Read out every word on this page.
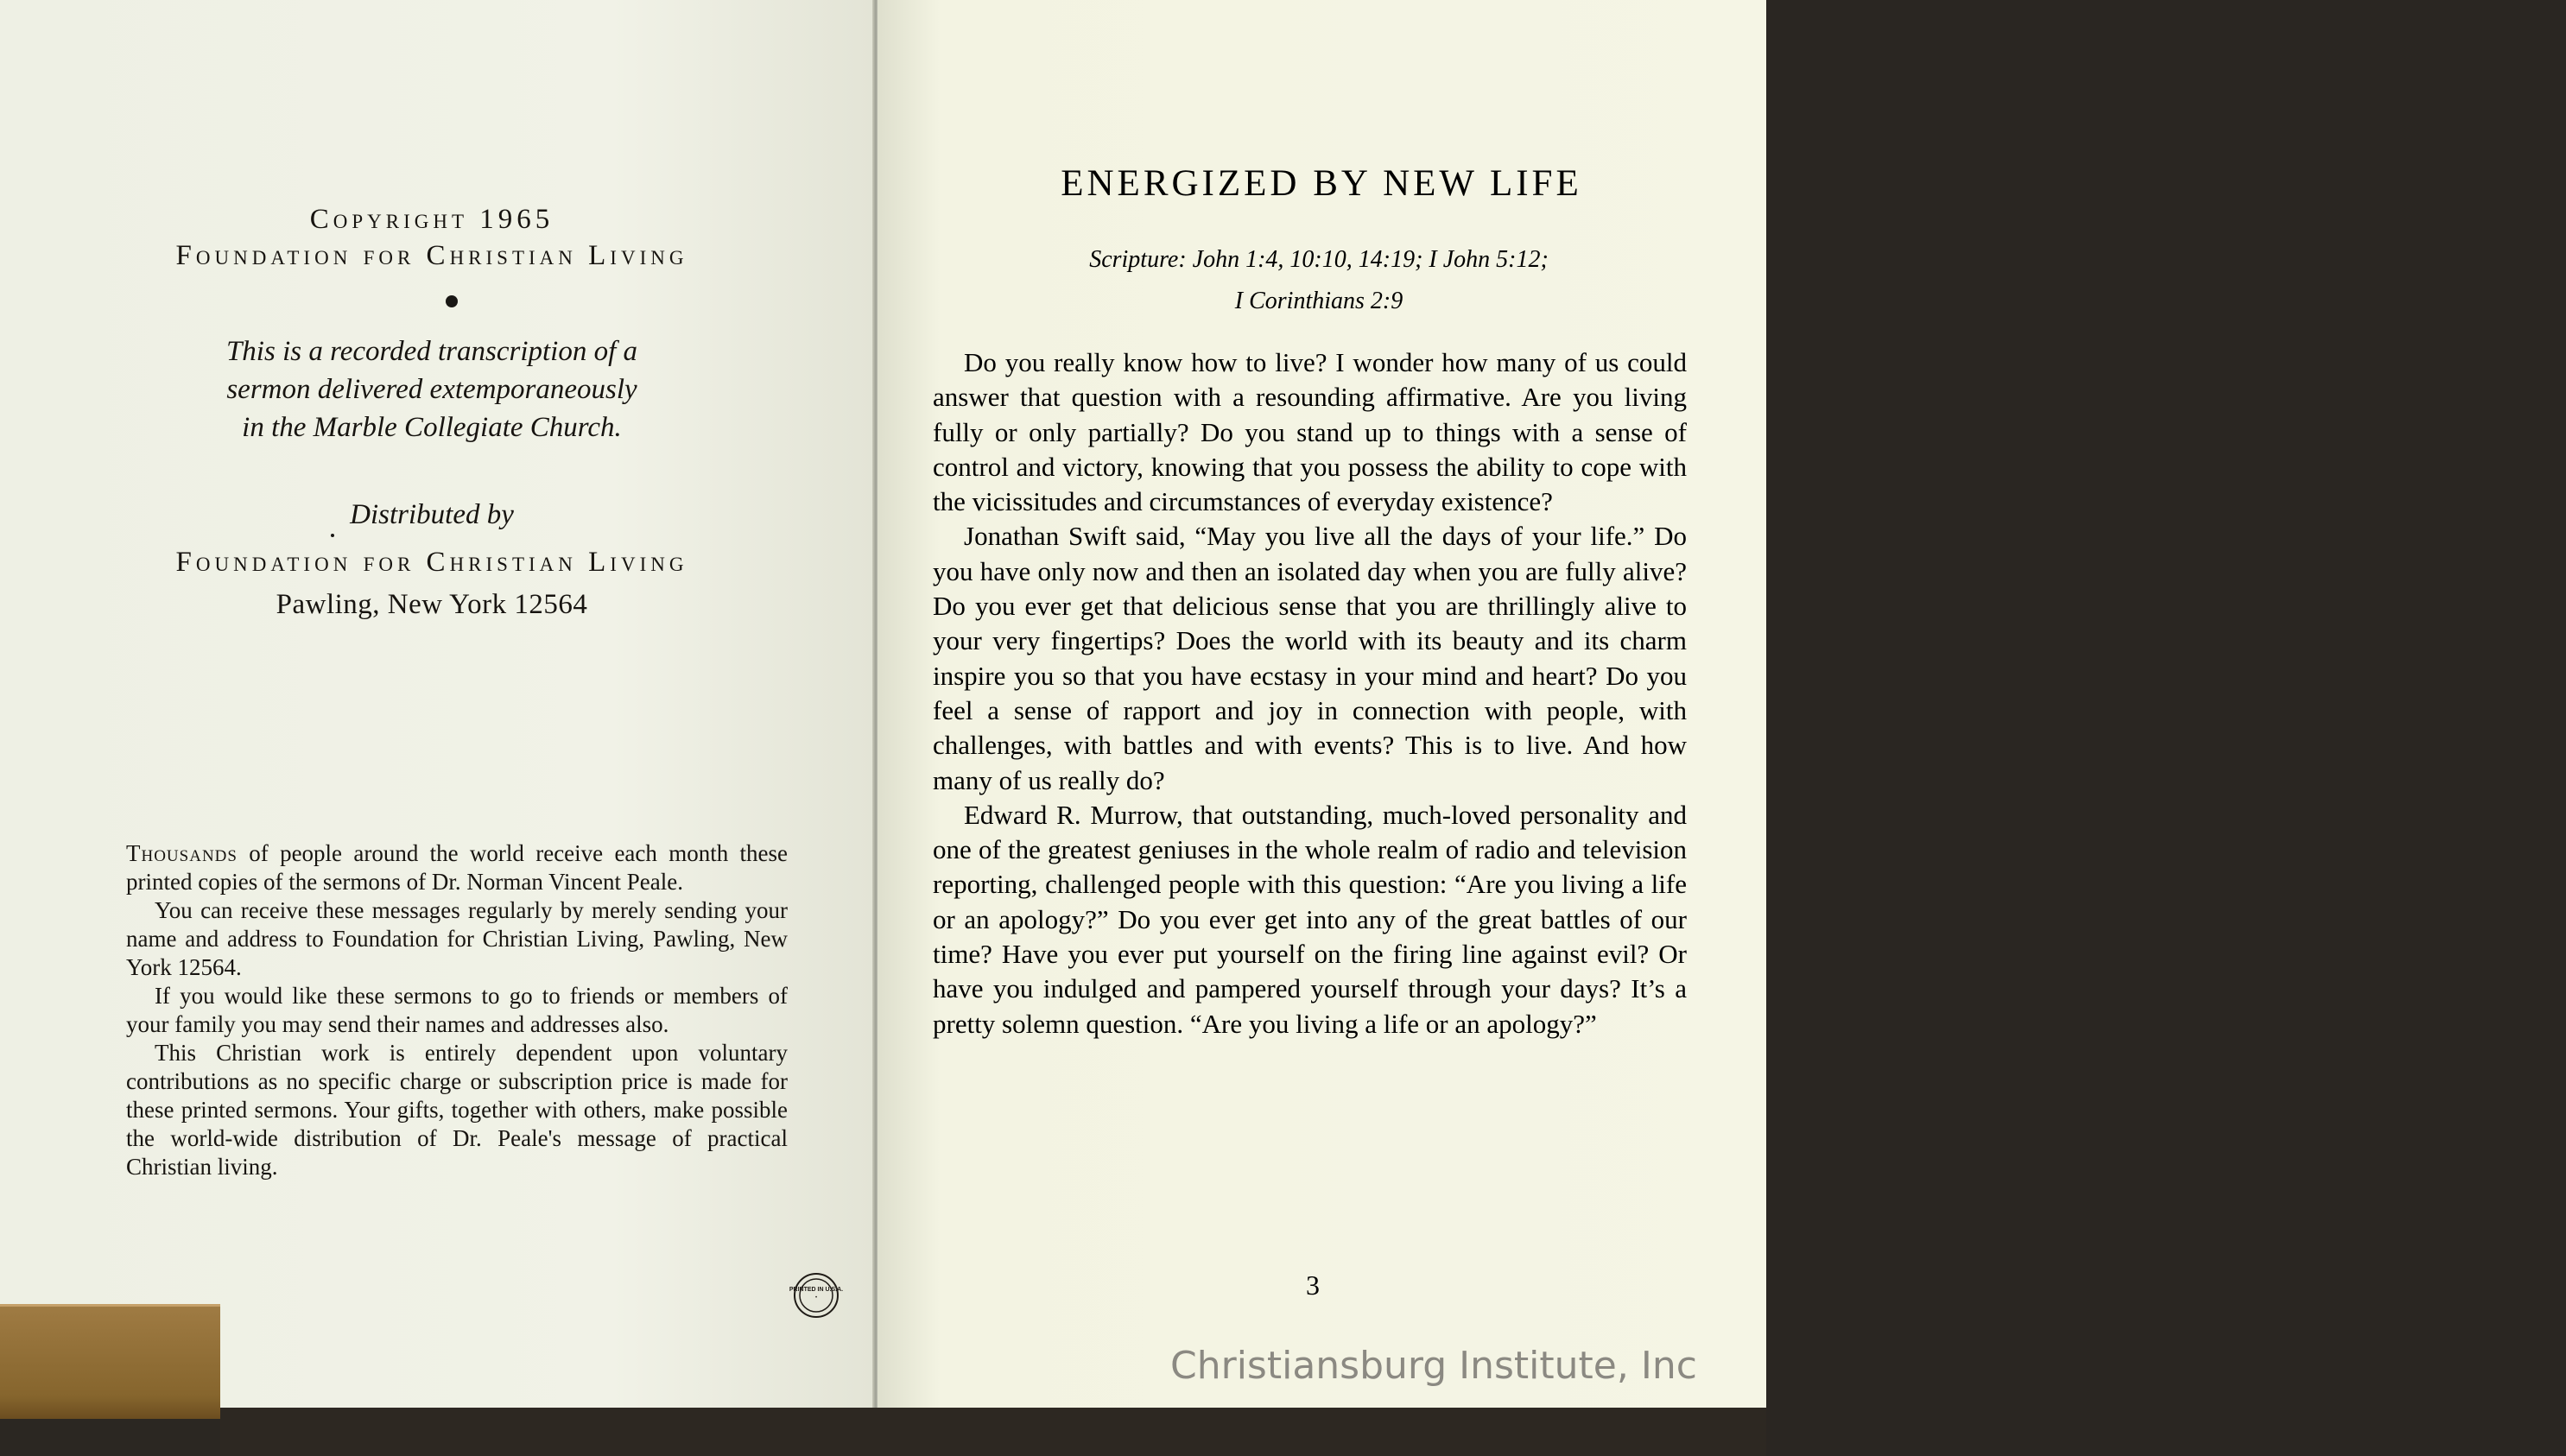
Copyright 1965
Foundation for Christian Living
This is a recorded transcription of a
sermon delivered extemporaneously
in the Marble Collegiate Church.
Distributed by
Foundation for Christian Living
Pawling, New York 12564

Thousands of people around the world receive each month these printed copies of the sermons of Dr. Norman Vincent Peale.

You can receive these messages regularly by merely sending your name and address to Foundation for Christian Living, Pawling, New York 12564.

If you would like these sermons to go to friends or members of your family you may send their names and addresses also.

This Christian work is entirely dependent upon voluntary contributions as no specific charge or subscription price is made for these printed sermons. Your gifts, together with others, make possible the world-wide distribution of Dr. Peale's message of practical Christian living.

PRINTED IN U.S.A.
•
ENERGIZED BY NEW LIFE
Scripture: John 1:4, 10:10, 14:19; I John 5:12;
I Corinthians 2:9

Do you really know how to live? I wonder how many of us could answer that question with a resounding affirmative. Are you living fully or only partially? Do you stand up to things with a sense of control and victory, knowing that you possess the ability to cope with the vicissitudes and circumstances of everyday existence?

Jonathan Swift said, “May you live all the days of your life.” Do you have only now and then an isolated day when you are fully alive? Do you ever get that delicious sense that you are thrillingly alive to your very fingertips? Does the world with its beauty and its charm inspire you so that you have ecstasy in your mind and heart? Do you feel a sense of rapport and joy in connection with people, with challenges, with battles and with events? This is to live. And how many of us really do?

Edward R. Murrow, that outstanding, much-loved personality and one of the greatest geniuses in the whole realm of radio and television reporting, challenged people with this question: “Are you living a life or an apology?” Do you ever get into any of the great battles of our time? Have you ever put yourself on the firing line against evil? Or have you indulged and pampered yourself through your days? It’s a pretty solemn question. “Are you living a life or an apology?”

3
Christiansburg Institute, Inc
